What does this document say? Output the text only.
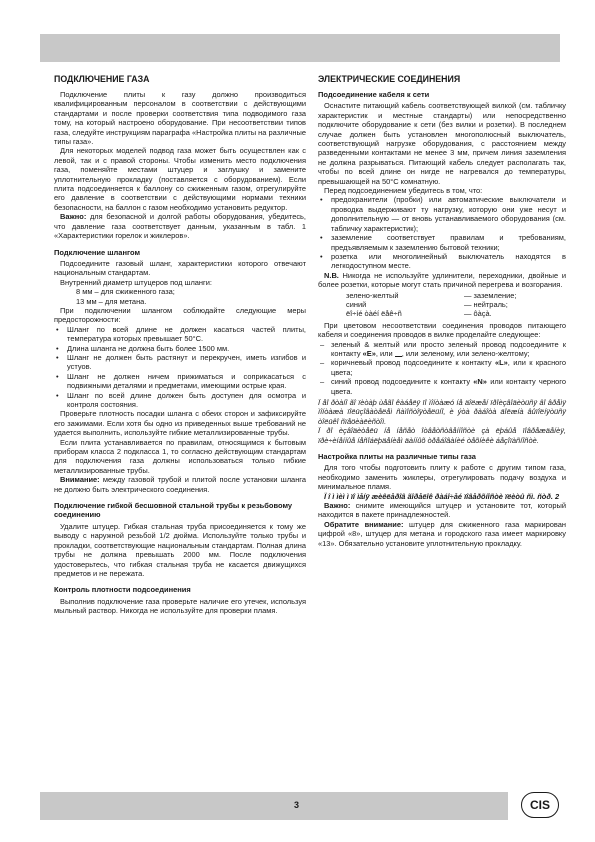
ПОДКЛЮЧЕНИЕ ГАЗА

Подключение плиты к газу должно производиться квалифицированным персоналом в соответствии с действующими стандартами и после проверки соответствия типа подводимого газа тому, на который настроено оборудование. При несоответствии типов газа, следуйте инструкциям параграфа «Настройка плиты на различные типы газа».

Для некоторых моделей подвод газа может быть осуществлен как с левой, так и с правой стороны. Чтобы изменить место подключения газа, поменяйте местами штуцер и заглушку и замените уплотнительную прокладку (поставляется с оборудованием). Если плита подсоединяется к баллону со сжиженным газом, отрегулируйте его давление в соответствии с действующими нормами техники безопасности, на баллон с газом необходимо установить редуктор.

Важно: для безопасной и долгой работы оборудования, убедитесь, что давление газа соответствует данным, указанным в табл. 1 «Характеристики горелок и жиклеров».

Подключение шлангом

Подсоедините газовый шланг, характеристики которого отвечают национальным стандартам.

Внутренний диаметр штуцеров под шланги:

8 мм – для сжиженного газа;
13 мм – для метана.

При подключении шлангом соблюдайте следующие меры предосторожности:

• Шланг по всей длине не должен касаться частей плиты, температура которых превышает 50°С.
• Длина шланга не должна быть более 1500 мм.
• Шланг не должен быть растянут и перекручен, иметь изгибов и устуов.
• Шланг не должен ничем прижиматься и соприкасаться с подвижными деталями и предметами, имеющими острые края.
• Шланг по всей длине должен быть доступен для осмотра и контроля состояния.

Проверьте плотность посадки шланга с обеих сторон и зафиксируйте его зажимами. Если хотя бы одно из приведенных выше требований не удается выполнить, используйте гибкие металлизированные трубы.

Если плита устанавливается по правилам, относящимся к бытовым приборам класса 2 подкласса 1, то согласно действующим стандартам для подключения газа должны использоваться только гибкие металлизированные трубы.

Внимание: между газовой трубой и плитой после установки шланга не должно быть электрического соединения.

Подключение гибкой бесшовной стальной трубы к резьбовому соединению

Удалите штуцер. Гибкая стальная труба присоединяется к тому же выводу с наружной резьбой 1/2 дюйма. Используйте только трубы и прокладки, соответствующие национальным стандартам. Полная длина трубы не должна превышать 2000 мм. После подключения удостоверьтесь, что гибкая стальная труба не касается движущихся предметов и не пережата.

Контроль плотности подсоединения

Выполнив подключение газа проверьте наличие его утечек, используя мыльный раствор. Никогда не используйте для проверки пламя.

ЭЛЕКТРИЧЕСКИЕ СОЕДИНЕНИЯ
Подсоединение кабеля к сети

Оснастите питающий кабель соответствующей вилкой (см. табличку характеристик и местные стандарты) или непосредственно подключите оборудование к сети (без вилки и розетки). В последнем случае должен быть установлен многополюсный выключатель, соответствующий нагрузке оборудования, с расстоянием между разведенными контактами не менее 3 мм, причем линия заземления не должна разрываться. Питающий кабель следует располагать так, чтобы по всей длине он нигде не нагревался до температуры, превышающей на 50°С комнатную.

Перед подсоединением убедитесь в том, что:

• предохранители (пробки) или автоматические выключатели и проводка выдерживают ту нагрузку, которую они уже несут и дополнительную — от вновь устанавливаемого оборудования (см. табличку характеристик);
• заземление соответствует правилам и требованиям, предъявляемым к заземлению бытовой техники;
• розетка или многолинейный выключатель находятся в легкодоступном месте.

N.B. Никогда не используйте удлинители, переходники, двойные и более розетки, которые могут стать причиной перегрева и возгорания.

зелено-желтый	— заземление;
синий	— нейтраль;
ëî÷íé òàéí ëåê÷ñ	— ôàçà.

При цветовом несоответствии соединения проводов питающего кабеля и соединения проводов в вилке проделайте следующее:

– зеленый & желтый или просто зеленый провод подсоедините к контакту «E», или , или зеленому, или зелено-желтому;
– коричневый провод подсоедините к контакту «L», или к красного цвета;
– синий провод подсоедините к контакту «N» или контакту черного цвета.

Ï åî ðòàíî ãî ïèòàþ ùåãî êàáåëÿ ïî ìîíòàæó íå äîëæåí ïðîèçâîäèòüñÿ âî âðåìÿ ìîíòàæà ïîëüçîâàòåëåì ñàìîñòîÿòåëüíî, è ýòà ðàáîòà äîëæíà âûïîëíÿòüñÿ òîëüêî ñïåöèàëèñòîì.

Ï ðî èçâîäèòåëü íå íåñåò îòâåòñòâåííîñòè çà ëþáûå ïîâðåæäåíèÿ, ïðè÷èíåííûå íåñîáëþäåíèåì äàííûõ òðåáîâàíèé òåõíèêè áåçîïàñíîñòè.

Настройка плиты на различные типы газа

Для того чтобы подготовить плиту к работе с другим типом газа, необходимо заменить жиклеры, отрегулировать подачу воздуха и минимальное пламя.

Ï î ì ìèì ì ïî ìåíÿ æèêëåðîâ ãîðåëîê ðàáî÷åé ïîâåðõíîñòè ïëèòû ñì. ñòð. 2

Важно: снимите имеющийся штуцер и установите тот, который находится в пакете принадлежностей.

Обратите внимание: штуцер для сжиженного газа маркирован цифрой «8», штуцер для метана и городского газа имеет маркировку «13». Обязательно установите уплотнительную прокладку.

3	CIS
